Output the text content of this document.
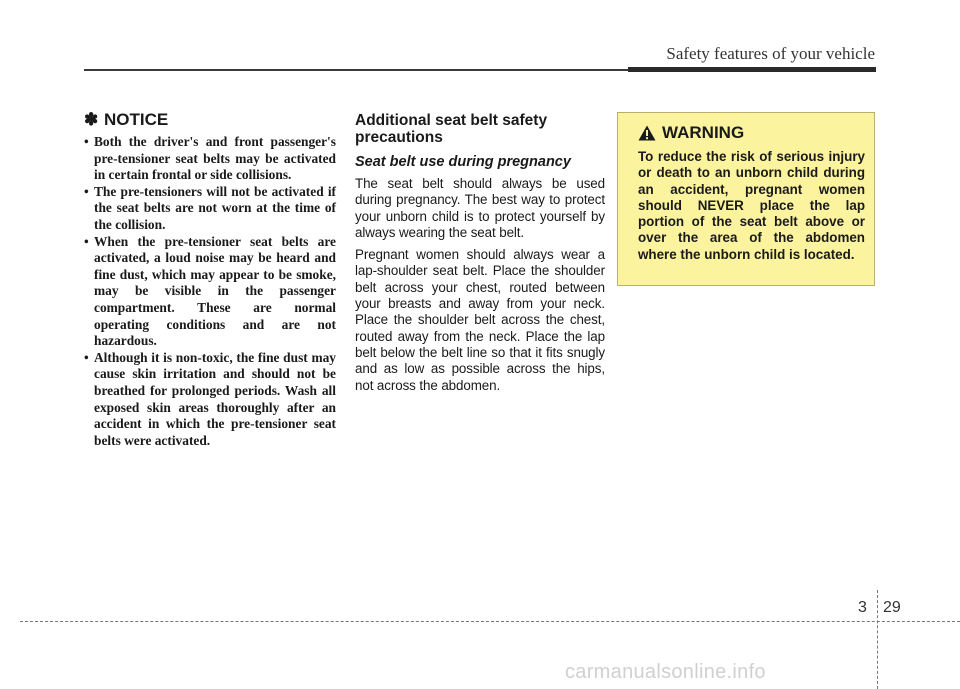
Safety features of your vehicle
✽ NOTICE
• Both the driver's and front passenger's pre-tensioner seat belts may be activated in certain frontal or side collisions.
• The pre-tensioners will not be activated if the seat belts are not worn at the time of the collision.
• When the pre-tensioner seat belts are activated, a loud noise may be heard and fine dust, which may appear to be smoke, may be visible in the passenger compartment. These are normal operating conditions and are not hazardous.
• Although it is non-toxic, the fine dust may cause skin irritation and should not be breathed for prolonged periods. Wash all exposed skin areas thoroughly after an accident in which the pre-tensioner seat belts were activated.
Additional seat belt safety precautions
Seat belt use during pregnancy

The seat belt should always be used during pregnancy. The best way to protect your unborn child is to protect yourself by always wearing the seat belt.

Pregnant women should always wear a lap-shoulder seat belt. Place the shoulder belt across your chest, routed between your breasts and away from your neck. Place the shoulder belt across the chest, routed away from the neck. Place the lap belt below the belt line so that it fits snugly and as low as possible across the hips, not across the abdomen.

WARNING
To reduce the risk of serious injury or death to an unborn child during an accident, pregnant women should NEVER place the lap portion of the seat belt above or over the area of the abdomen where the unborn child is located.
3 29
carmanualsonline.info
